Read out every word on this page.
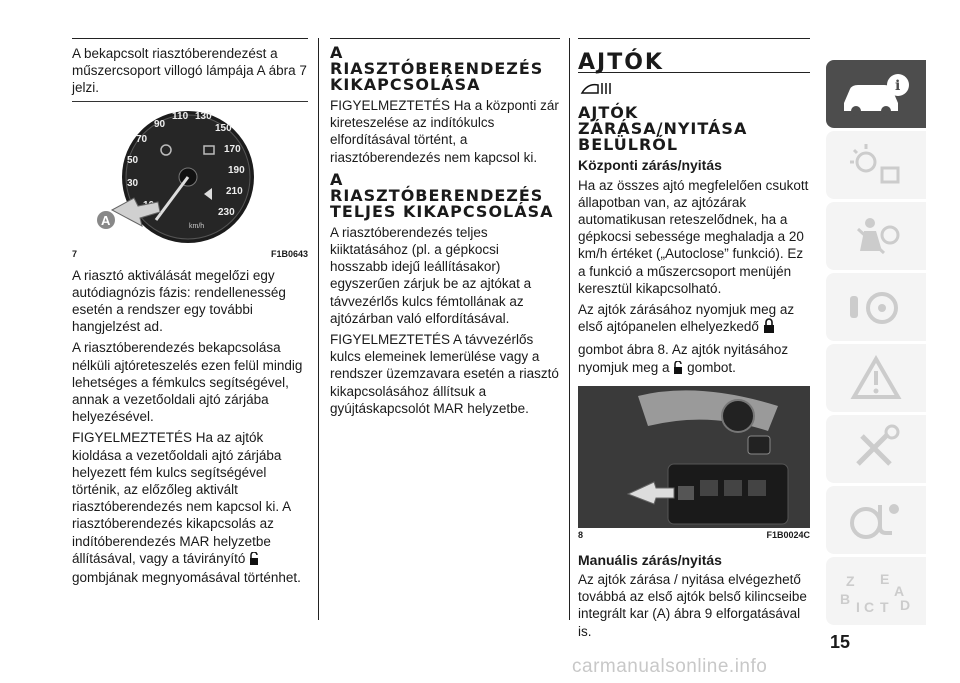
A bekapcsolt riasztóberendezést a műszercsoport villogó lámpája A ábra 7 jelzi.

30
50
70
90
110 130
150
170
190
210
230
km/h
A
7	F1B0643

A riasztó aktiválását megelőzi egy autódiagnózis fázis: rendellenesség esetén a rendszer egy további hangjelzést ad.

A riasztóberendezés bekapcsolása nélküli ajtóreteszelés ezen felül mindig lehetséges a fémkulcs segítségével, annak a vezetőoldali ajtó zárjába helyezésével.

FIGYELMEZTETÉS Ha az ajtók kioldása a vezetőoldali ajtó zárjába helyezett fém kulcs segítségével történik, az előzőleg aktivált riasztóberendezés nem kapcsol ki. A riasztóberendezés kikapcsolás az indítóberendezés MAR helyzetbe állításával, vagy a távirányító  gombjának megnyomásával történhet.

A RIASZTÓBERENDEZÉS KIKAPCSOLÁSA

FIGYELMEZTETÉS Ha a központi zár kireteszelése az indítókulcs elfordításával történt, a riasztóberendezés nem kapcsol ki.

A RIASZTÓBERENDEZÉS TELJES KIKAPCSOLÁSA

A riasztóberendezés teljes kiiktatásához (pl. a gépkocsi hosszabb idejű leállításakor) egyszerűen zárjuk be az ajtókat a távvezérlős kulcs fémtollának az ajtózárban való elfordításával.

FIGYELMEZTETÉS A távvezérlős kulcs elemeinek lemerülése vagy a rendszer üzemzavara esetén a riasztó kikapcsolásához állítsuk a gyújtáskapcsolót MAR helyzetbe.

AJTÓK
AJTÓK ZÁRÁSA/NYITÁSA BELÜLRŐL
Központi zárás/nyitás

Ha az összes ajtó megfelelően csukott állapotban van, az ajtózárak automatikusan reteszelődnek, ha a gépkocsi sebessége meghaladja a 20 km/h értéket („Autoclose” funkció). Ez a funkció a műszercsoport menüjén keresztül kikapcsolható.

Az ajtók zárásához nyomjuk meg az első ajtópanelen elhelyezkedő

gombot ábra 8. Az ajtók nyitásához nyomjuk meg a gombot.

8	F1B0024C
Manuális zárás/nyitás

Az ajtók zárása / nyitása elvégezhető továbbá az első ajtók belső kilincseibe integrált kar (A) ábra 9 elforgatásával is.

i
Z E
A
B C T D
I
15
carmanualsonline.info
